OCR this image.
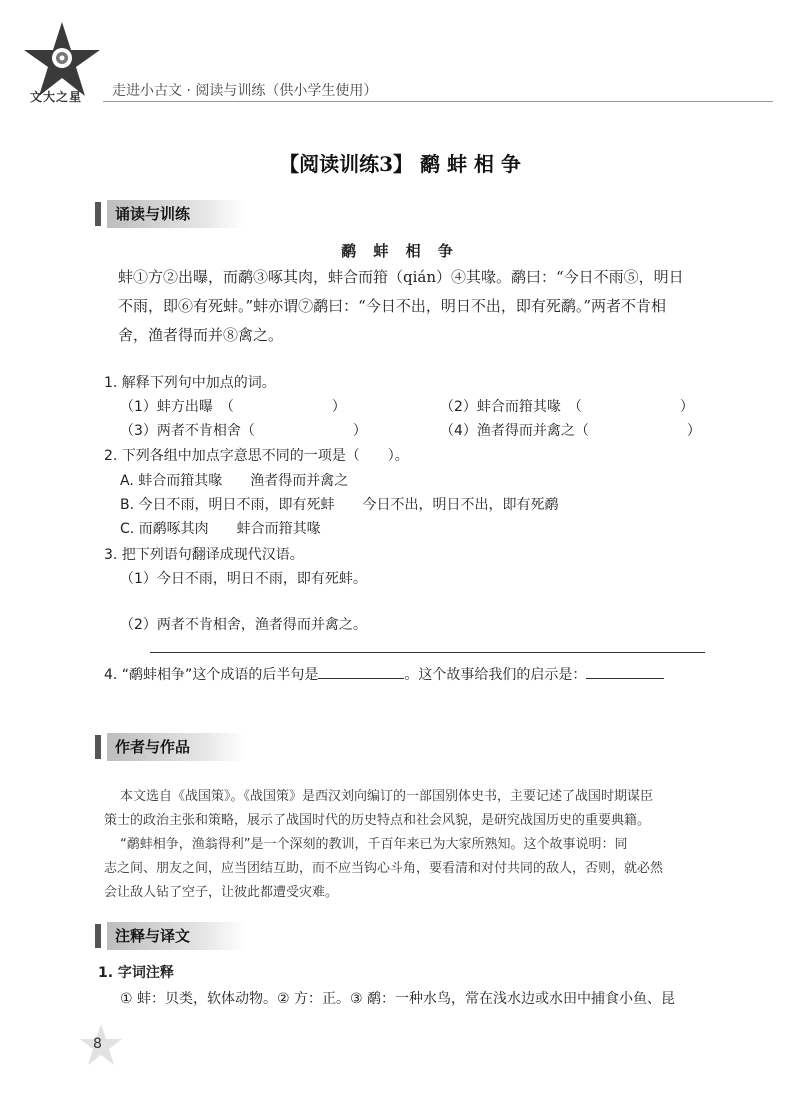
文大之星 走进小古文 · 阅读与训练（供小学生使用）
【阅读训练3】 鹬 蚌 相 争
诵读与训练
鹬 蚌 相 争
蚌①方②出曝，而鹬③啄其肉，蚌合而箝（qián）④其喙。鹬曰：“今日不雨⑤，明日
不雨，即⑥有死蚌。”蚌亦谓⑦鹬曰：“今日不出，明日不出，即有死鹬。”两者不肯相
舍，渔者得而并⑧禽之。
1. 解释下列句中加点的词。
（1）蚌方出曝　（　　　　　　　）	（2）蚌合而箝其喙　（　　　　　　　）
（3）两者不肯相舍（　　　　　　　）	（4）渔者得而并禽之（　　　　　　　）
2. 下列各组中加点字意思不同的一项是（　　）。
A. 蚌合而箝其喙　　渔者得而并禽之
B. 今日不雨，明日不雨，即有死蚌　　今日不出，明日不出，即有死鹬
C. 而鹬啄其肉　　蚌合而箝其喙
3. 把下列语句翻译成现代汉语。
（1）今日不雨，明日不雨，即有死蚌。
（2）两者不肯相舍，渔者得而并禽之。
4. “鹬蚌相争”这个成语的后半句是	。这个故事给我们的启示是：
作者与作品
本文选自《战国策》。《战国策》是西汉刘向编订的一部国别体史书，主要记述了战国时期谋臣
策士的政治主张和策略，展示了战国时代的历史特点和社会风貌，是研究战国历史的重要典籍。
“鹬蚌相争，渔翁得利”是一个深刻的教训，千百年来已为大家所熟知。这个故事说明：同
志之间、朋友之间，应当团结互助，而不应当钩心斗角，要看清和对付共同的敌人，否则，就必然
会让敌人钻了空子，让彼此都遭受灾难。
注释与译文
1. 字词注释
① 蚌：贝类，软体动物。② 方：正。③ 鹬：一种水鸟，常在浅水边或水田中捕食小鱼、昆
8
